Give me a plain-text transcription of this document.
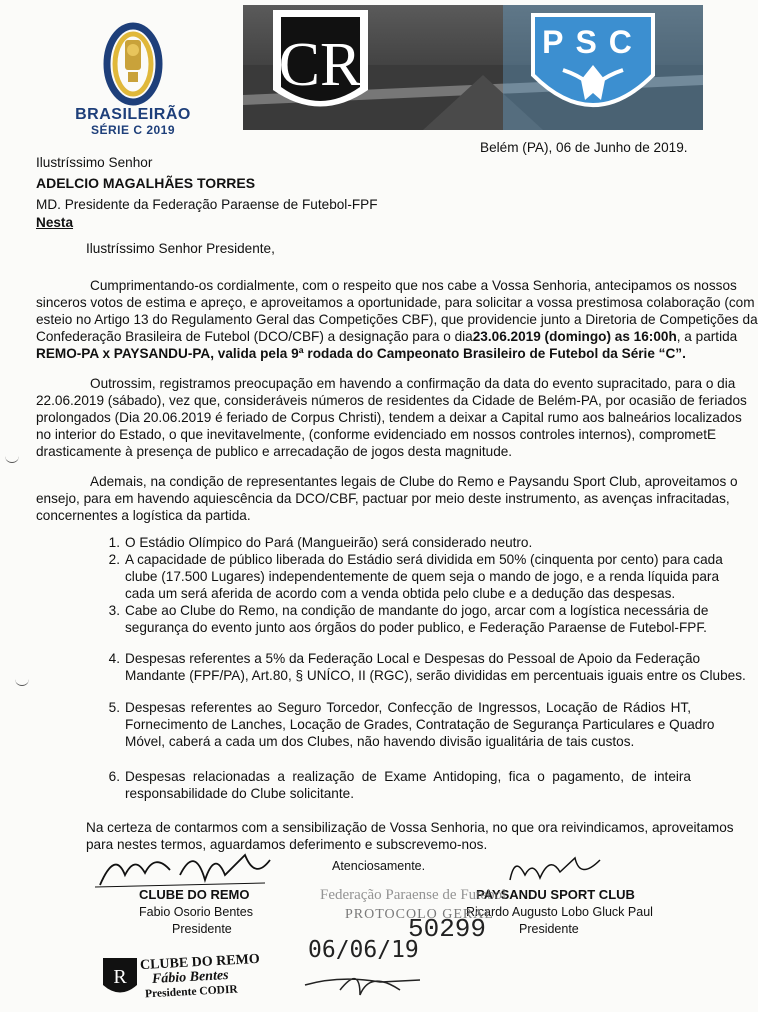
BRASILEIRÃO
SÉRIE C 2019
CR	PSC
Belém (PA), 06 de Junho de 2019.
Ilustríssimo Senhor
ADELCIO MAGALHÃES TORRES
MD. Presidente da Federação Paraense de Futebol-FPF
Nesta
Ilustríssimo Senhor Presidente,
Cumprimentando-os cordialmente, com o respeito que nos cabe a Vossa Senhoria, antecipamos os nossos
sinceros votos de estima e apreço, e aproveitamos a oportunidade, para solicitar a vossa prestimosa colaboração (com
esteio no Artigo 13 do Regulamento Geral das Competições CBF), que providencie junto a Diretoria de Competições da
Confederação Brasileira de Futebol (DCO/CBF) a designação para o dia 23.06.2019 (domingo) as 16:00h , a partida
REMO-PA x PAYSANDU-PA, valida pela 9ª rodada do Campeonato Brasileiro de Futebol da Série “C”.
Outrossim, registramos preocupação em havendo a confirmação da data do evento supracitado, para o dia
22.06.2019 (sábado), vez que, consideráveis números de residentes da Cidade de Belém-PA, por ocasião de feriados
prolongados (Dia 20.06.2019 é feriado de Corpus Christi), tendem a deixar a Capital rumo aos balneários localizados
no interior do Estado, o que inevitavelmente, (conforme evidenciado em nossos controles internos), comprometE
drasticamente à presença de publico e arrecadação de jogos desta magnitude.
Ademais, na condição de representantes legais de Clube do Remo e Paysandu Sport Club, aproveitamos o
ensejo, para em havendo aquiescência da DCO/CBF, pactuar por meio deste instrumento, as avenças infracitadas,
concernentes a logística da partida.
1. O Estádio Olímpico do Pará (Mangueirão) será considerado neutro.
2. A capacidade de público liberada do Estádio será dividida em 50% (cinquenta por cento) para cada
clube (17.500 Lugares) independentemente de quem seja o mando de jogo, e a renda líquida para
cada um será aferida de acordo com a venda obtida pelo clube e a dedução das despesas.
3. Cabe ao Clube do Remo, na condição de mandante do jogo, arcar com a logística necessária de
segurança do evento junto aos órgãos do poder publico, e Federação Paraense de Futebol-FPF.
4. Despesas referentes a 5% da Federação Local e Despesas do Pessoal de Apoio da Federação
Mandante (FPF/PA), Art.80, § UNÍCO, II (RGC), serão divididas em percentuais iguais entre os Clubes.
5. Despesas referentes ao Seguro Torcedor, Confecção de Ingressos, Locação de Rádios HT,
Fornecimento de Lanches, Locação de Grades, Contratação de Segurança Particulares e Quadro
Móvel, caberá a cada um dos Clubes, não havendo divisão igualitária de tais custos.
6. Despesas relacionadas a realização de Exame Antidoping, fica o pagamento, de inteira
responsabilidade do Clube solicitante.
Na certeza de contarmos com a sensibilização de Vossa Senhoria, no que ora reivindicamos, aproveitamos
para nestes termos, aguardamos deferimento e subscrevemo-nos.
Atenciosamente.
CLUBE DO REMO
Fabio Osorio Bentes
Presidente
PAYSANDU SPORT CLUB
Ricardo Augusto Lobo Gluck Paul
Presidente
Federação Paraense de Futebol
PROTOCOLO GERAL
50299
06/06/19
R
CLUBE DO REMO
Fábio Bentes
Presidente CODIR
